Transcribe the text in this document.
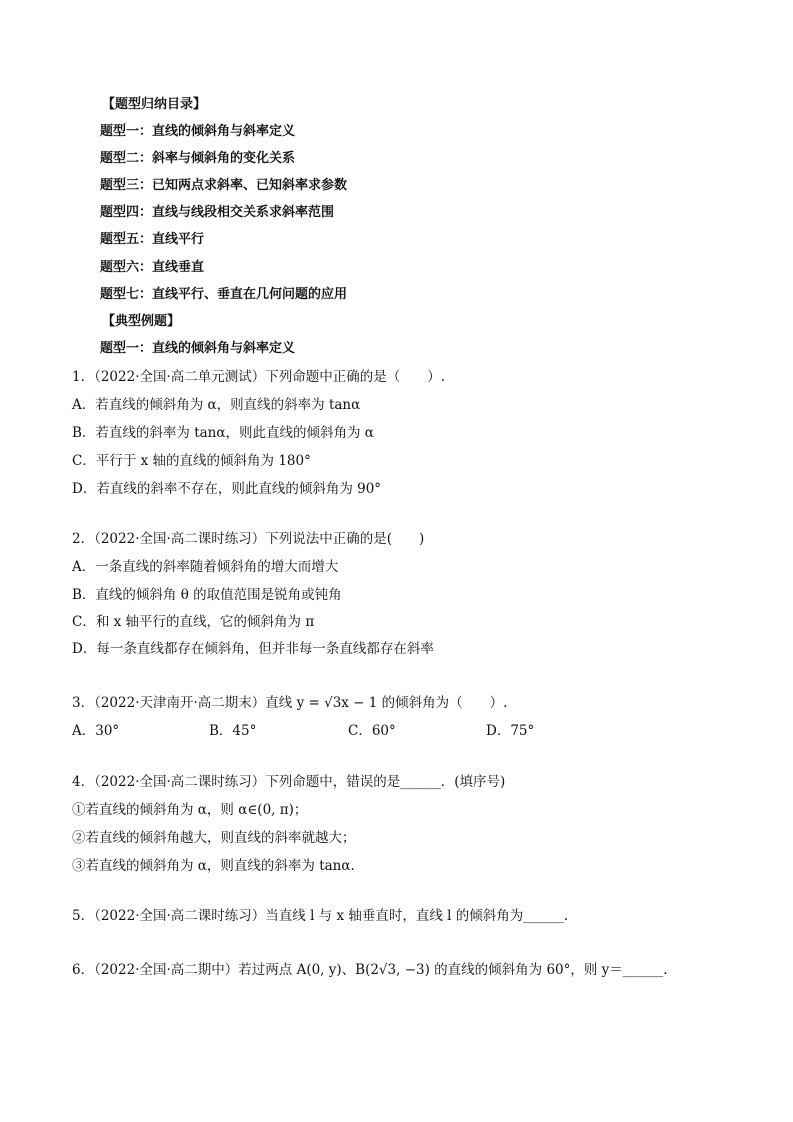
【题型归纳目录】
题型一：直线的倾斜角与斜率定义
题型二：斜率与倾斜角的变化关系
题型三：已知两点求斜率、已知斜率求参数
题型四：直线与线段相交关系求斜率范围
题型五：直线平行
题型六：直线垂直
题型七：直线平行、垂直在几何问题的应用
【典型例题】
题型一：直线的倾斜角与斜率定义
1．（2022·全国·高二单元测试）下列命题中正确的是（　　）.
A．若直线的倾斜角为 α，则直线的斜率为 tanα
B．若直线的斜率为 tanα，则此直线的倾斜角为 α
C．平行于 x 轴的直线的倾斜角为 180°
D．若直线的斜率不存在，则此直线的倾斜角为 90°
2．（2022·全国·高二课时练习）下列说法中正确的是(　　)
A．一条直线的斜率随着倾斜角的增大而增大
B．直线的倾斜角 θ 的取值范围是锐角或钝角
C．和 x 轴平行的直线，它的倾斜角为 π
D．每一条直线都存在倾斜角，但并非每一条直线都存在斜率
3．（2022·天津南开·高二期末）直线 y = √3x − 1 的倾斜角为（　　）.
A．30°	B．45°	C．60°	D．75°
4．（2022·全国·高二课时练习）下列命题中，错误的是______．(填序号)
①若直线的倾斜角为 α，则 α∈(0, π)；
②若直线的倾斜角越大，则直线的斜率就越大；
③若直线的倾斜角为 α，则直线的斜率为 tanα.
5．（2022·全国·高二课时练习）当直线 l 与 x 轴垂直时，直线 l 的倾斜角为______.
6．（2022·全国·高二期中）若过两点 A(0, y)、B(2√3, −3) 的直线的倾斜角为 60°，则 y＝______.
